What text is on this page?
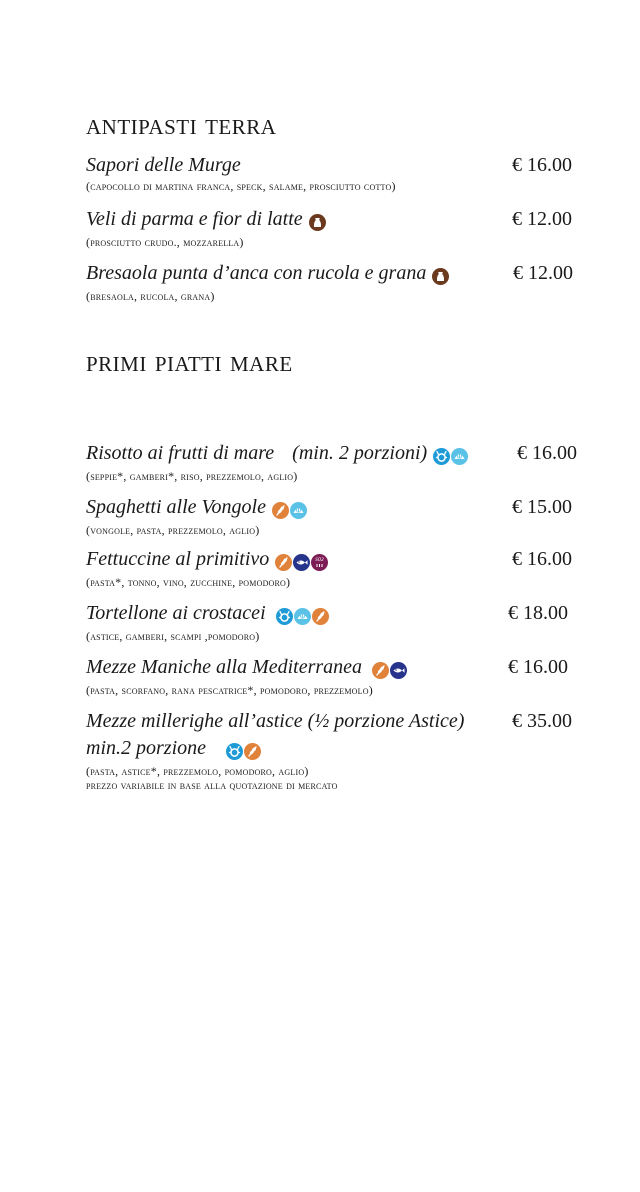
antipasti terra
Sapori delle Murge	€ 16.00
(capocollo di martina franca, speck, salame, prosciutto cotto)
Veli di parma e fior di latte	€ 12.00
(prosciutto crudo., mozzarella)
Bresaola punta d’anca con rucola e grana	€ 12.00
(bresaola, rucola, grana)
primi piatti mare
Risotto ai frutti di mare (min. 2 porzioni)	€ 16.00
(seppie*, gamberi*, riso, prezzemolo, aglio)
Spaghetti alle Vongole	€ 15.00
(vongole, pasta, prezzemolo, aglio)
Fettuccine al primitivo	SO2	€ 16.00
(pasta*, tonno, vino, zucchine, pomodoro)
Tortellone ai crostacei	€ 18.00
(astice, gamberi, scampi ,pomodoro)
Mezze Maniche alla Mediterranea	€ 16.00
(pasta, scorfano, rana pescatrice*, pomodoro, prezzemolo)
Mezze millerighe all’astice (½ porzione Astice)
min.2 porzione
€ 35.00
(pasta, astice*, prezzemolo, pomodoro, aglio)
prezzo variabile in base alla quotazione di mercato
